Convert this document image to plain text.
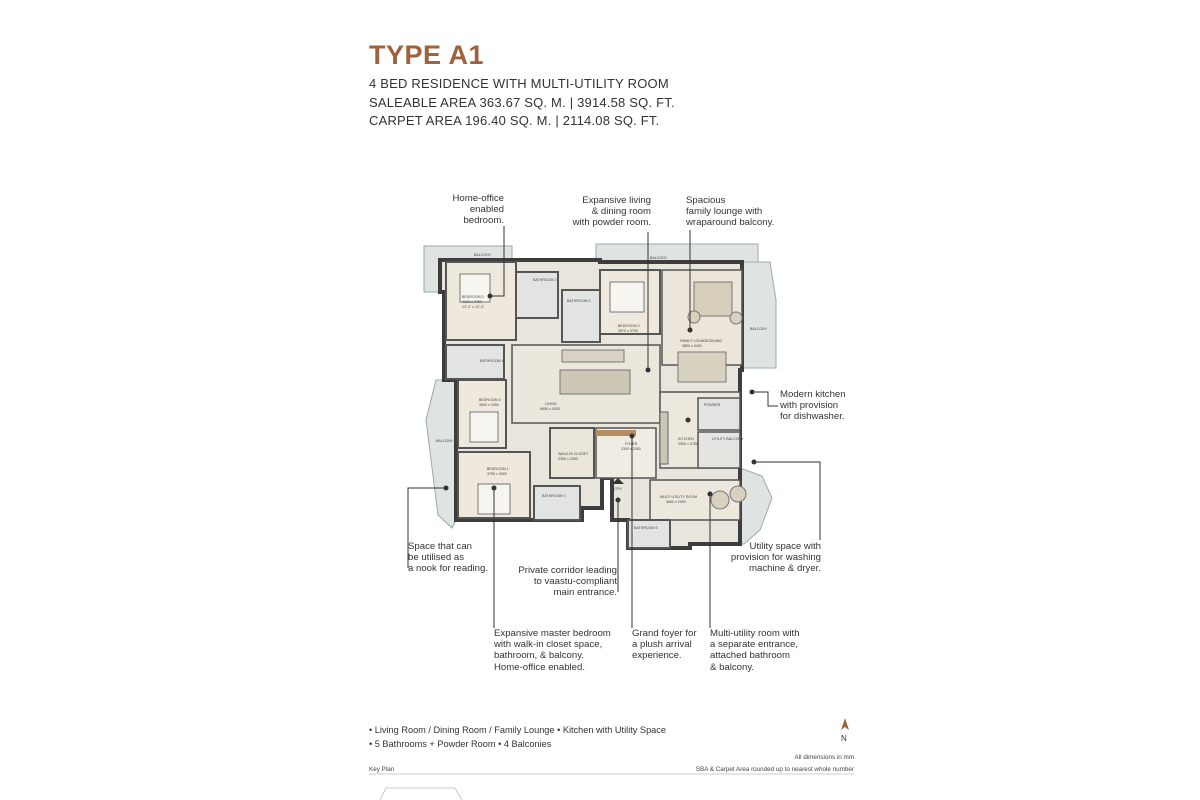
TYPE A1
4 BED RESIDENCE WITH MULTI-UTILITY ROOM
SALEABLE AREA 363.67 SQ. M. | 3914.58 SQ. FT.
CARPET AREA 196.40 SQ. M. | 2114.08 SQ. FT.
BEDROOM 3
4020 x 3750
13'-2" x 12'-3"
BATHROOM 2
BATHROOM 3
BEDROOM 2
3670 x 3700
FAMILY LOUNGE/DINING
3850 x 4400
BATHROOM 4
BEDROOM 4
3600 x 3450	LIVING
6950 x 4300
KITCHEN
2900 x 3750
POWDER
UTILITY BALCONY
BEDROOM 1
3750 x 3900
WALK-IN CLOSET
2350 x 2350
FOYER
2300 x 2050
BATHROOM 1
ENTRY
MULTI UTILITY ROOM
3600 x 2900
BATHROOM 5
BALCONY
BALCONY
BALCONY
BALCONY
N
Home-office
enabled
bedroom.
Expansive living
& dining room
with powder room.
Spacious
family lounge with
wraparound balcony.
Modern kitchen
with provision
for dishwasher.
Space that can
be utilised as
a nook for reading.	Private corridor leading
to vaastu-compliant
main entrance.
Utility space with
provision for washing
machine & dryer.
Expansive master bedroom
with walk-in closet space,
bathroom, & balcony.
Home-office enabled.
Grand foyer for
a plush arrival
experience.
Multi-utility room with
a separate entrance,
attached bathroom
& balcony.
• Living Room / Dining Room / Family Lounge • Kitchen with Utility Space
• 5 Bathrooms + Powder Room • 4 Balconies
All dimensions in mm
Key Plan	SBA & Carpet Area rounded up to nearest whole number
